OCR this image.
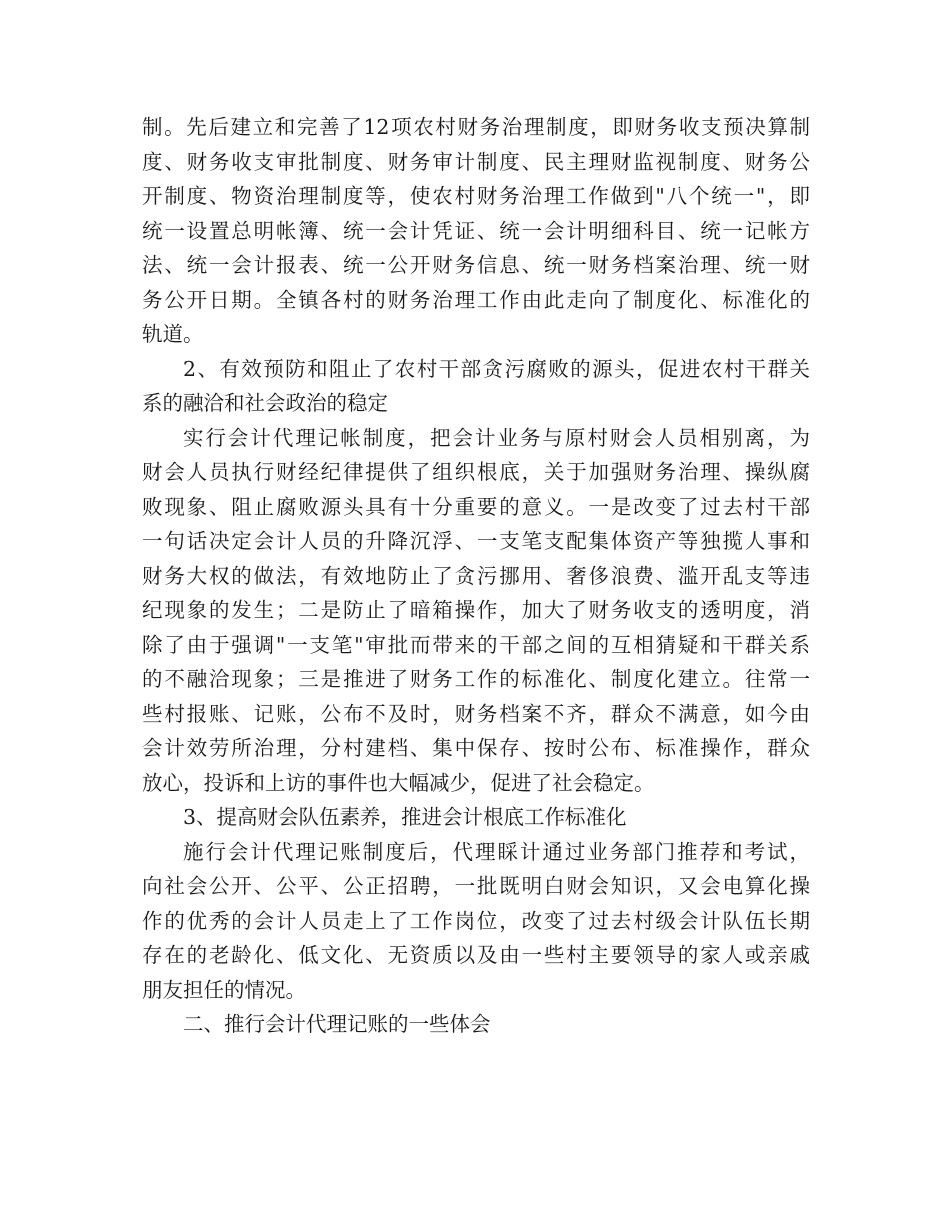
制。先后建立和完善了12项农村财务治理制度，即财务收支预决算制
度、财务收支审批制度、财务审计制度、民主理财监视制度、财务公
开制度、物资治理制度等，使农村财务治理工作做到"八个统一"，即
统一设置总明帐簿、统一会计凭证、统一会计明细科目、统一记帐方
法、统一会计报表、统一公开财务信息、统一财务档案治理、统一财
务公开日期。全镇各村的财务治理工作由此走向了制度化、标准化的
轨道。
2、有效预防和阻止了农村干部贪污腐败的源头，促进农村干群关
系的融洽和社会政治的稳定
实行会计代理记帐制度，把会计业务与原村财会人员相别离，为
财会人员执行财经纪律提供了组织根底，关于加强财务治理、操纵腐
败现象、阻止腐败源头具有十分重要的意义。一是改变了过去村干部
一句话决定会计人员的升降沉浮、一支笔支配集体资产等独揽人事和
财务大权的做法，有效地防止了贪污挪用、奢侈浪费、滥开乱支等违
纪现象的发生；二是防止了暗箱操作，加大了财务收支的透明度，消
除了由于强调"一支笔"审批而带来的干部之间的互相猜疑和干群关系
的不融洽现象；三是推进了财务工作的标准化、制度化建立。往常一
些村报账、记账，公布不及时，财务档案不齐，群众不满意，如今由
会计效劳所治理，分村建档、集中保存、按时公布、标准操作，群众
放心，投诉和上访的事件也大幅减少，促进了社会稳定。
3、提高财会队伍素养，推进会计根底工作标准化
施行会计代理记账制度后，代理睬计通过业务部门推荐和考试，
向社会公开、公平、公正招聘，一批既明白财会知识，又会电算化操
作的优秀的会计人员走上了工作岗位，改变了过去村级会计队伍长期
存在的老龄化、低文化、无资质以及由一些村主要领导的家人或亲戚
朋友担任的情况。
二、推行会计代理记账的一些体会
